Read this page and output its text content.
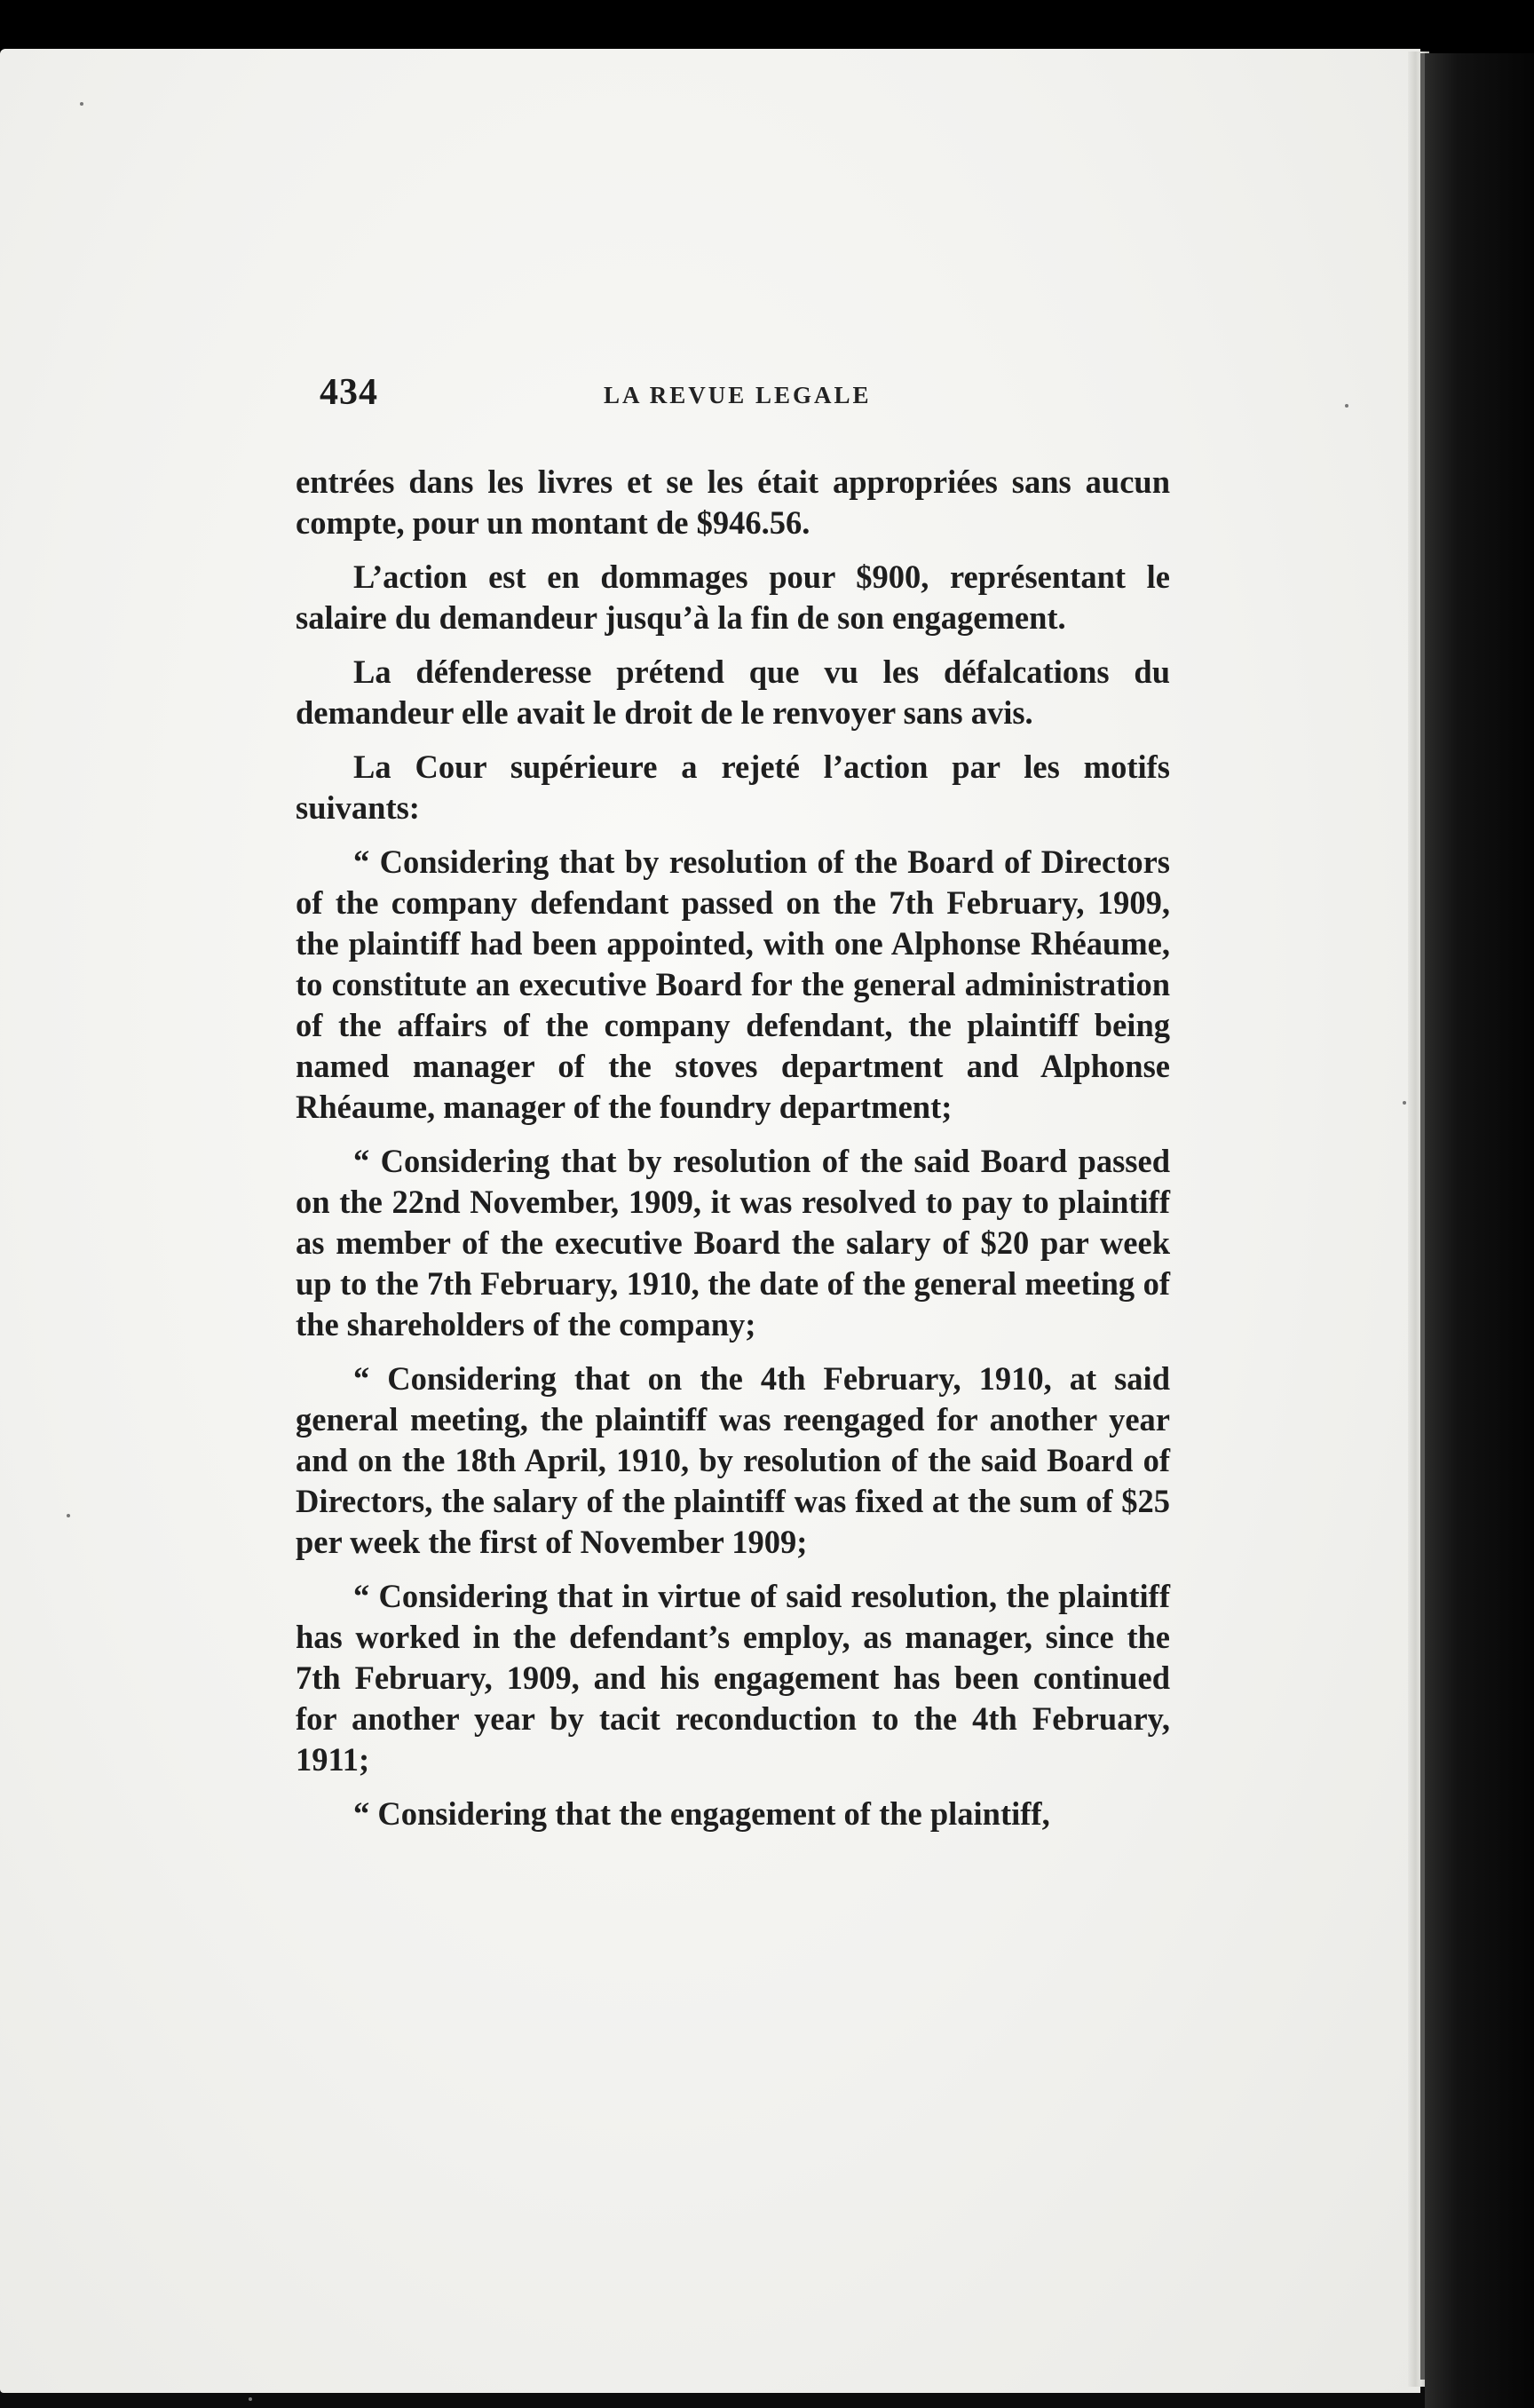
434	LA REVUE LEGALE

entrées dans les livres et se les était appropriées sans aucun compte, pour un montant de $946.56.

L’action est en dommages pour $900, représentant le salaire du demandeur jusqu’à la fin de son engagement.

La défenderesse prétend que vu les défalcations du demandeur elle avait le droit de le renvoyer sans avis.

La Cour supérieure a rejeté l’action par les motifs suivants:

“ Considering that by resolution of the Board of Directors of the company defendant passed on the 7th February, 1909, the plaintiff had been appointed, with one Alphonse Rhéaume, to constitute an executive Board for the general administration of the affairs of the company defendant, the plaintiff being named manager of the stoves department and Alphonse Rhéaume, manager of the foundry department;

“ Considering that by resolution of the said Board passed on the 22nd November, 1909, it was resolved to pay to plaintiff as member of the executive Board the salary of $20 par week up to the 7th February, 1910, the date of the general meeting of the shareholders of the company;

“ Considering that on the 4th February, 1910, at said general meeting, the plaintiff was reengaged for another year and on the 18th April, 1910, by resolution of the said Board of Directors, the salary of the plaintiff was fixed at the sum of $25 per week the first of November 1909;

“ Considering that in virtue of said resolution, the plaintiff has worked in the defendant’s employ, as manager, since the 7th February, 1909, and his engagement has been continued for another year by tacit reconduction to the 4th February, 1911;

“ Considering that the engagement of the plaintiff,
